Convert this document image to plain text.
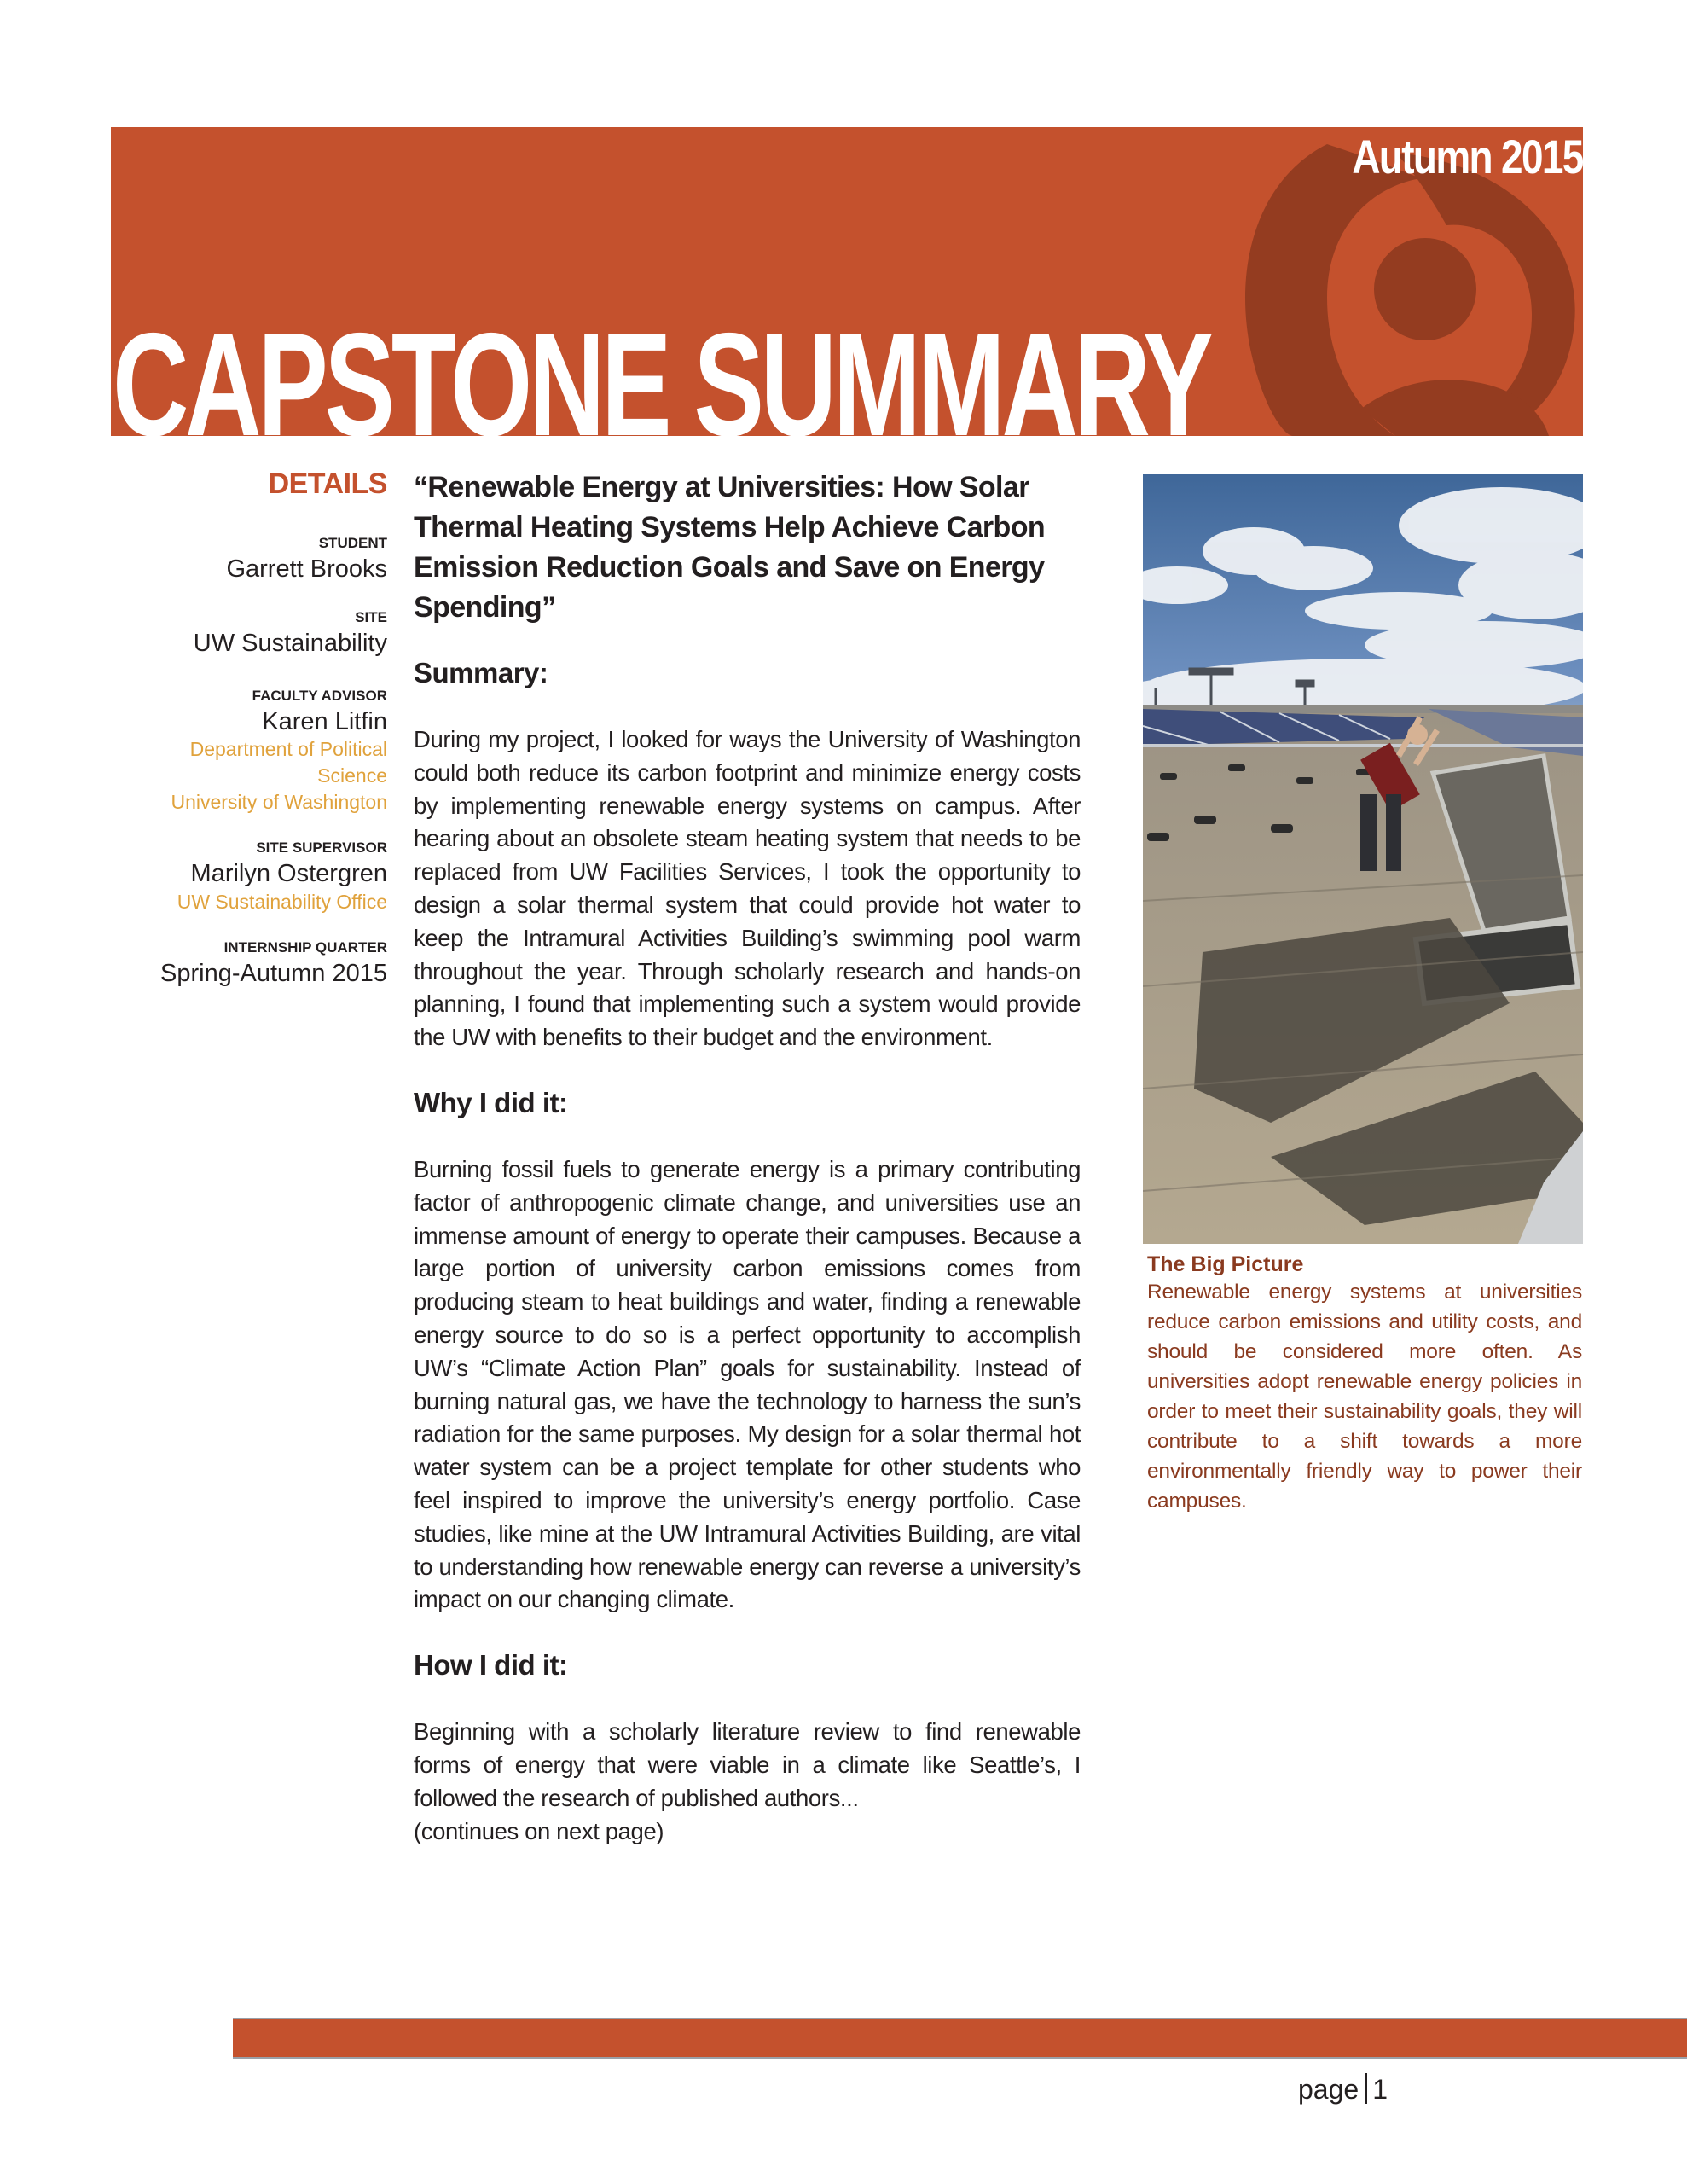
Autumn 2015
CAPSTONE SUMMARY
DETAILS
STUDENT
Garrett Brooks
SITE
UW Sustainability
FACULTY ADVISOR
Karen Litfin
Department of Political
Science
University of Washington
SITE SUPERVISOR
Marilyn Ostergren
UW Sustainability Office
INTERNSHIP QUARTER
Spring-Autumn 2015
“Renewable Energy at Universities: How Solar Thermal Heating Systems Help Achieve Carbon Emission Reduction Goals and Save on Energy Spending”
Summary:

During my project, I looked for ways the University of Washington could both reduce its carbon footprint and minimize energy costs by implementing renewable energy systems on campus. After hearing about an obsolete steam heating system that needs to be replaced from UW Facilities Services, I took the opportunity to design a solar thermal system that could provide hot water to keep the Intramural Activities Building’s swimming pool warm throughout the year. Through scholarly research and hands-on planning, I found that implementing such a system would provide the UW with benefits to their budget and the environment.

Why I did it:

Burning fossil fuels to generate energy is a primary contributing factor of anthropogenic climate change, and universities use an immense amount of energy to operate their campuses. Because a large portion of university carbon emissions comes from producing steam to heat buildings and water, finding a renewable energy source to do so is a perfect opportunity to accomplish UW’s “Climate Action Plan” goals for sustainability. Instead of burning natural gas, we have the technology to harness the sun’s radiation for the same purposes. My design for a solar thermal hot water system can be a project template for other students who feel inspired to improve the university’s energy portfolio. Case studies, like mine at the UW Intramural Activities Building, are vital to understanding how renewable energy can reverse a university’s impact on our changing climate.

How I did it:

Beginning with a scholarly literature review to find renewable forms of energy that were viable in a climate like Seattle’s, I followed the research of published authors...
(continues on next page)

The Big Picture
Renewable energy systems at universities reduce carbon emissions and utility costs, and should be considered more often. As universities adopt renewable energy policies in order to meet their sustainability goals, they will contribute to a shift towards a more environmentally friendly way to power their campuses.
page 1
